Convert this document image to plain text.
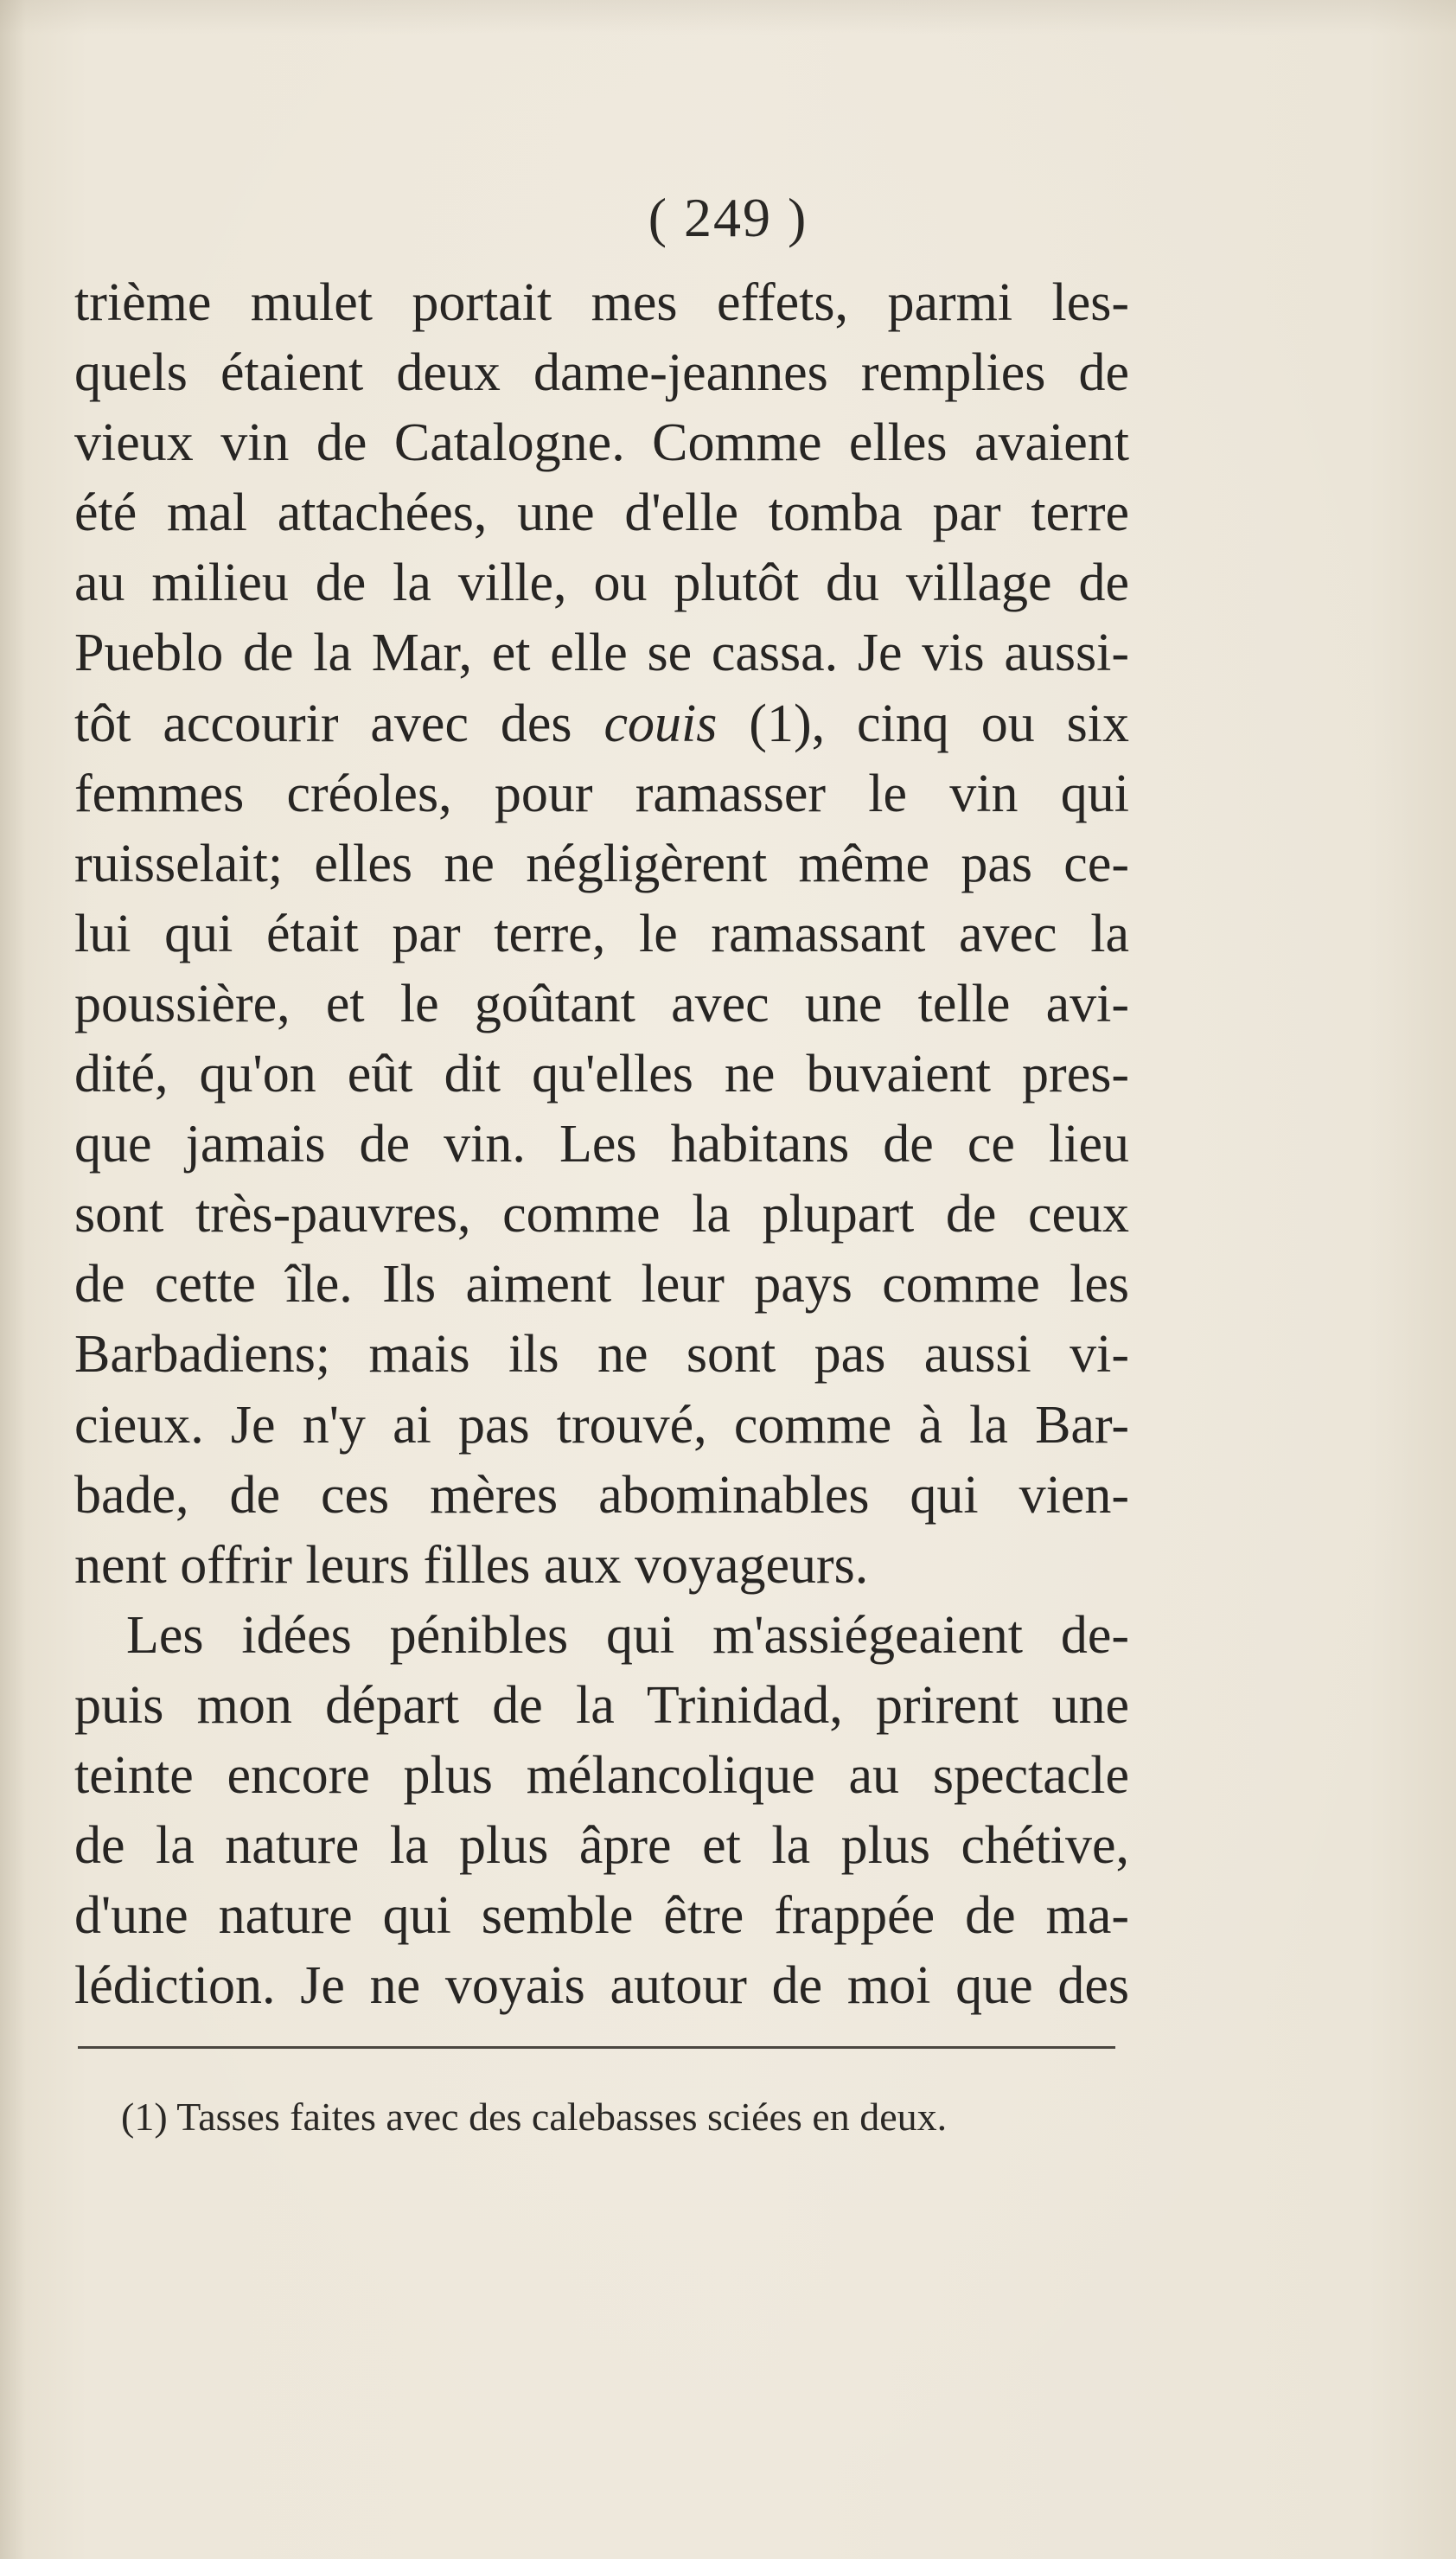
( 249 )
trième mulet portait mes effets, parmi les-
quels étaient deux dame-jeannes remplies de
vieux vin de Catalogne. Comme elles avaient
été mal attachées, une d'elle tomba par terre
au milieu de la ville, ou plutôt du village de
Pueblo de la Mar, et elle se cassa. Je vis aussi-
tôt accourir avec des couis (1), cinq ou six
femmes créoles, pour ramasser le vin qui
ruisselait; elles ne négligèrent même pas ce-
lui qui était par terre, le ramassant avec la
poussière, et le goûtant avec une telle avi-
dité, qu'on eût dit qu'elles ne buvaient pres-
que jamais de vin. Les habitans de ce lieu
sont très-pauvres, comme la plupart de ceux
de cette île. Ils aiment leur pays comme les
Barbadiens; mais ils ne sont pas aussi vi-
cieux. Je n'y ai pas trouvé, comme à la Bar-
bade, de ces mères abominables qui vien-
nent offrir leurs filles aux voyageurs.
Les idées pénibles qui m'assiégeaient de-
puis mon départ de la Trinidad, prirent une
teinte encore plus mélancolique au spectacle
de la nature la plus âpre et la plus chétive,
d'une nature qui semble être frappée de ma-
lédiction. Je ne voyais autour de moi que des
(1) Tasses faites avec des calebasses sciées en deux.
